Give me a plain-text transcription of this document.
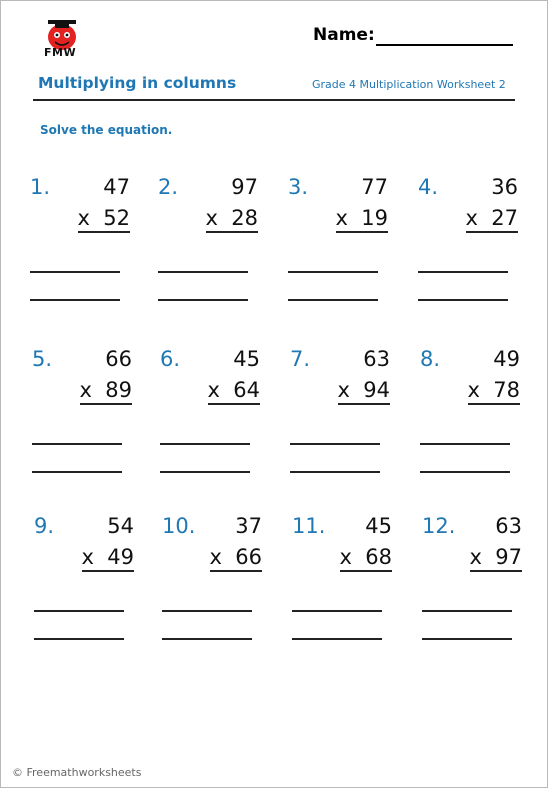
FMW
Name:
Multiplying in columns	Grade 4 Multiplication Worksheet 2
Solve the equation.
1.	47
x  52
2.	97
x  28
3.	77
x  19
4.	36
x  27
5.	66
x  89
6.	45
x  64
7.	63
x  94
8.	49
x  78
9.	54
x  49
10. 37
x  66
11. 45
x  68
12. 63
x  97
© Freemathworksheets
